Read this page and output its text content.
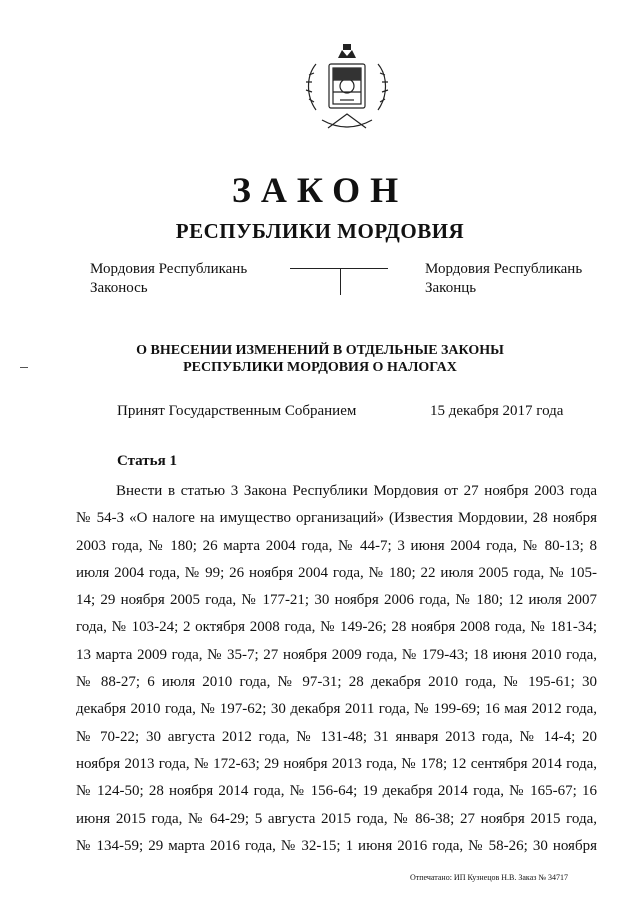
ЗАКОН
РЕСПУБЛИКИ МОРДОВИЯ
Мордовия Республикань
Законось
Мордовия Республикань
Законць
О ВНЕСЕНИИ ИЗМЕНЕНИЙ В ОТДЕЛЬНЫЕ ЗАКОНЫ
РЕСПУБЛИКИ МОРДОВИЯ О НАЛОГАХ
Принят Государственным Собранием	15 декабря 2017 года
Статья 1
Внести в статью 3 Закона Республики Мордовия от 27 ноября 2003 года
№ 54-З «О налоге на имущество организаций» (Известия Мордовии, 28 ноября
2003 года, № 180; 26 марта 2004 года, № 44-7; 3 июня 2004 года, № 80-13; 8
июля 2004 года, № 99; 26 ноября 2004 года, № 180; 22 июля 2005 года, № 105-
14; 29 ноября 2005 года, № 177-21; 30 ноября 2006 года, № 180; 12 июля 2007
года, № 103-24; 2 октября 2008 года, № 149-26; 28 ноября 2008 года, № 181-34;
13 марта 2009 года, № 35-7; 27 ноября 2009 года, № 179-43; 18 июня 2010 года,
№ 88-27; 6 июля 2010 года, № 97-31; 28 декабря 2010 года, № 195-61; 30
декабря 2010 года, № 197-62; 30 декабря 2011 года, № 199-69; 16 мая 2012 года,
№ 70-22; 30 августа 2012 года, № 131-48; 31 января 2013 года, № 14-4; 20
ноября 2013 года, № 172-63; 29 ноября 2013 года, № 178; 12 сентября 2014 года,
№ 124-50; 28 ноября 2014 года, № 156-64; 19 декабря 2014 года, № 165-67; 16
июня 2015 года, № 64-29; 5 августа 2015 года, № 86-38; 27 ноября 2015 года,
№ 134-59; 29 марта 2016 года, № 32-15; 1 июня 2016 года, № 58-26; 30 ноября
Отпечатано: ИП Кузнецов Н.В. Заказ № 34717
